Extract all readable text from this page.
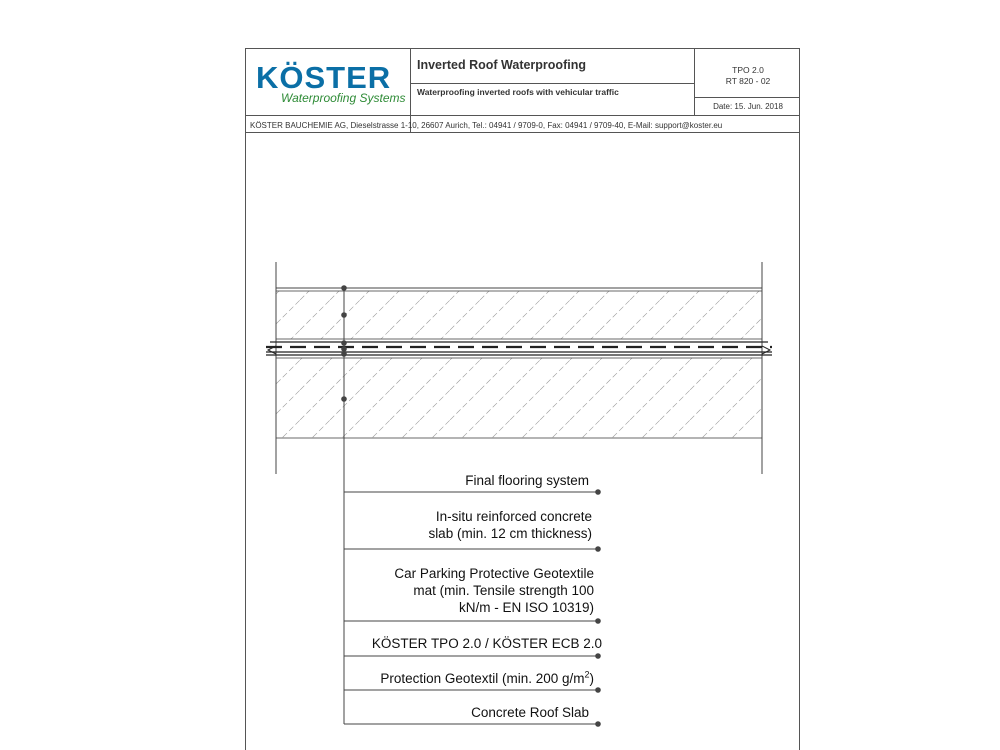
KÖSTER
Waterproofing Systems
Inverted Roof Waterproofing
Waterproofing inverted roofs with vehicular traffic
TPO 2.0
RT 820 - 02
Date: 15. Jun. 2018
KÖSTER BAUCHEMIE AG, Dieselstrasse 1-10, 26607 Aurich, Tel.: 04941 / 9709-0, Fax: 04941 / 9709-40, E-Mail: support@koster.eu
Final flooring system
In-situ reinforced concrete
slab (min. 12 cm thickness)
Car Parking Protective Geotextile
mat (min. Tensile strength 100
kN/m - EN ISO 10319)
KÖSTER TPO 2.0 / KÖSTER ECB 2.0
Protection Geotextil (min. 200 $g/m^2$)
Concrete Roof Slab
